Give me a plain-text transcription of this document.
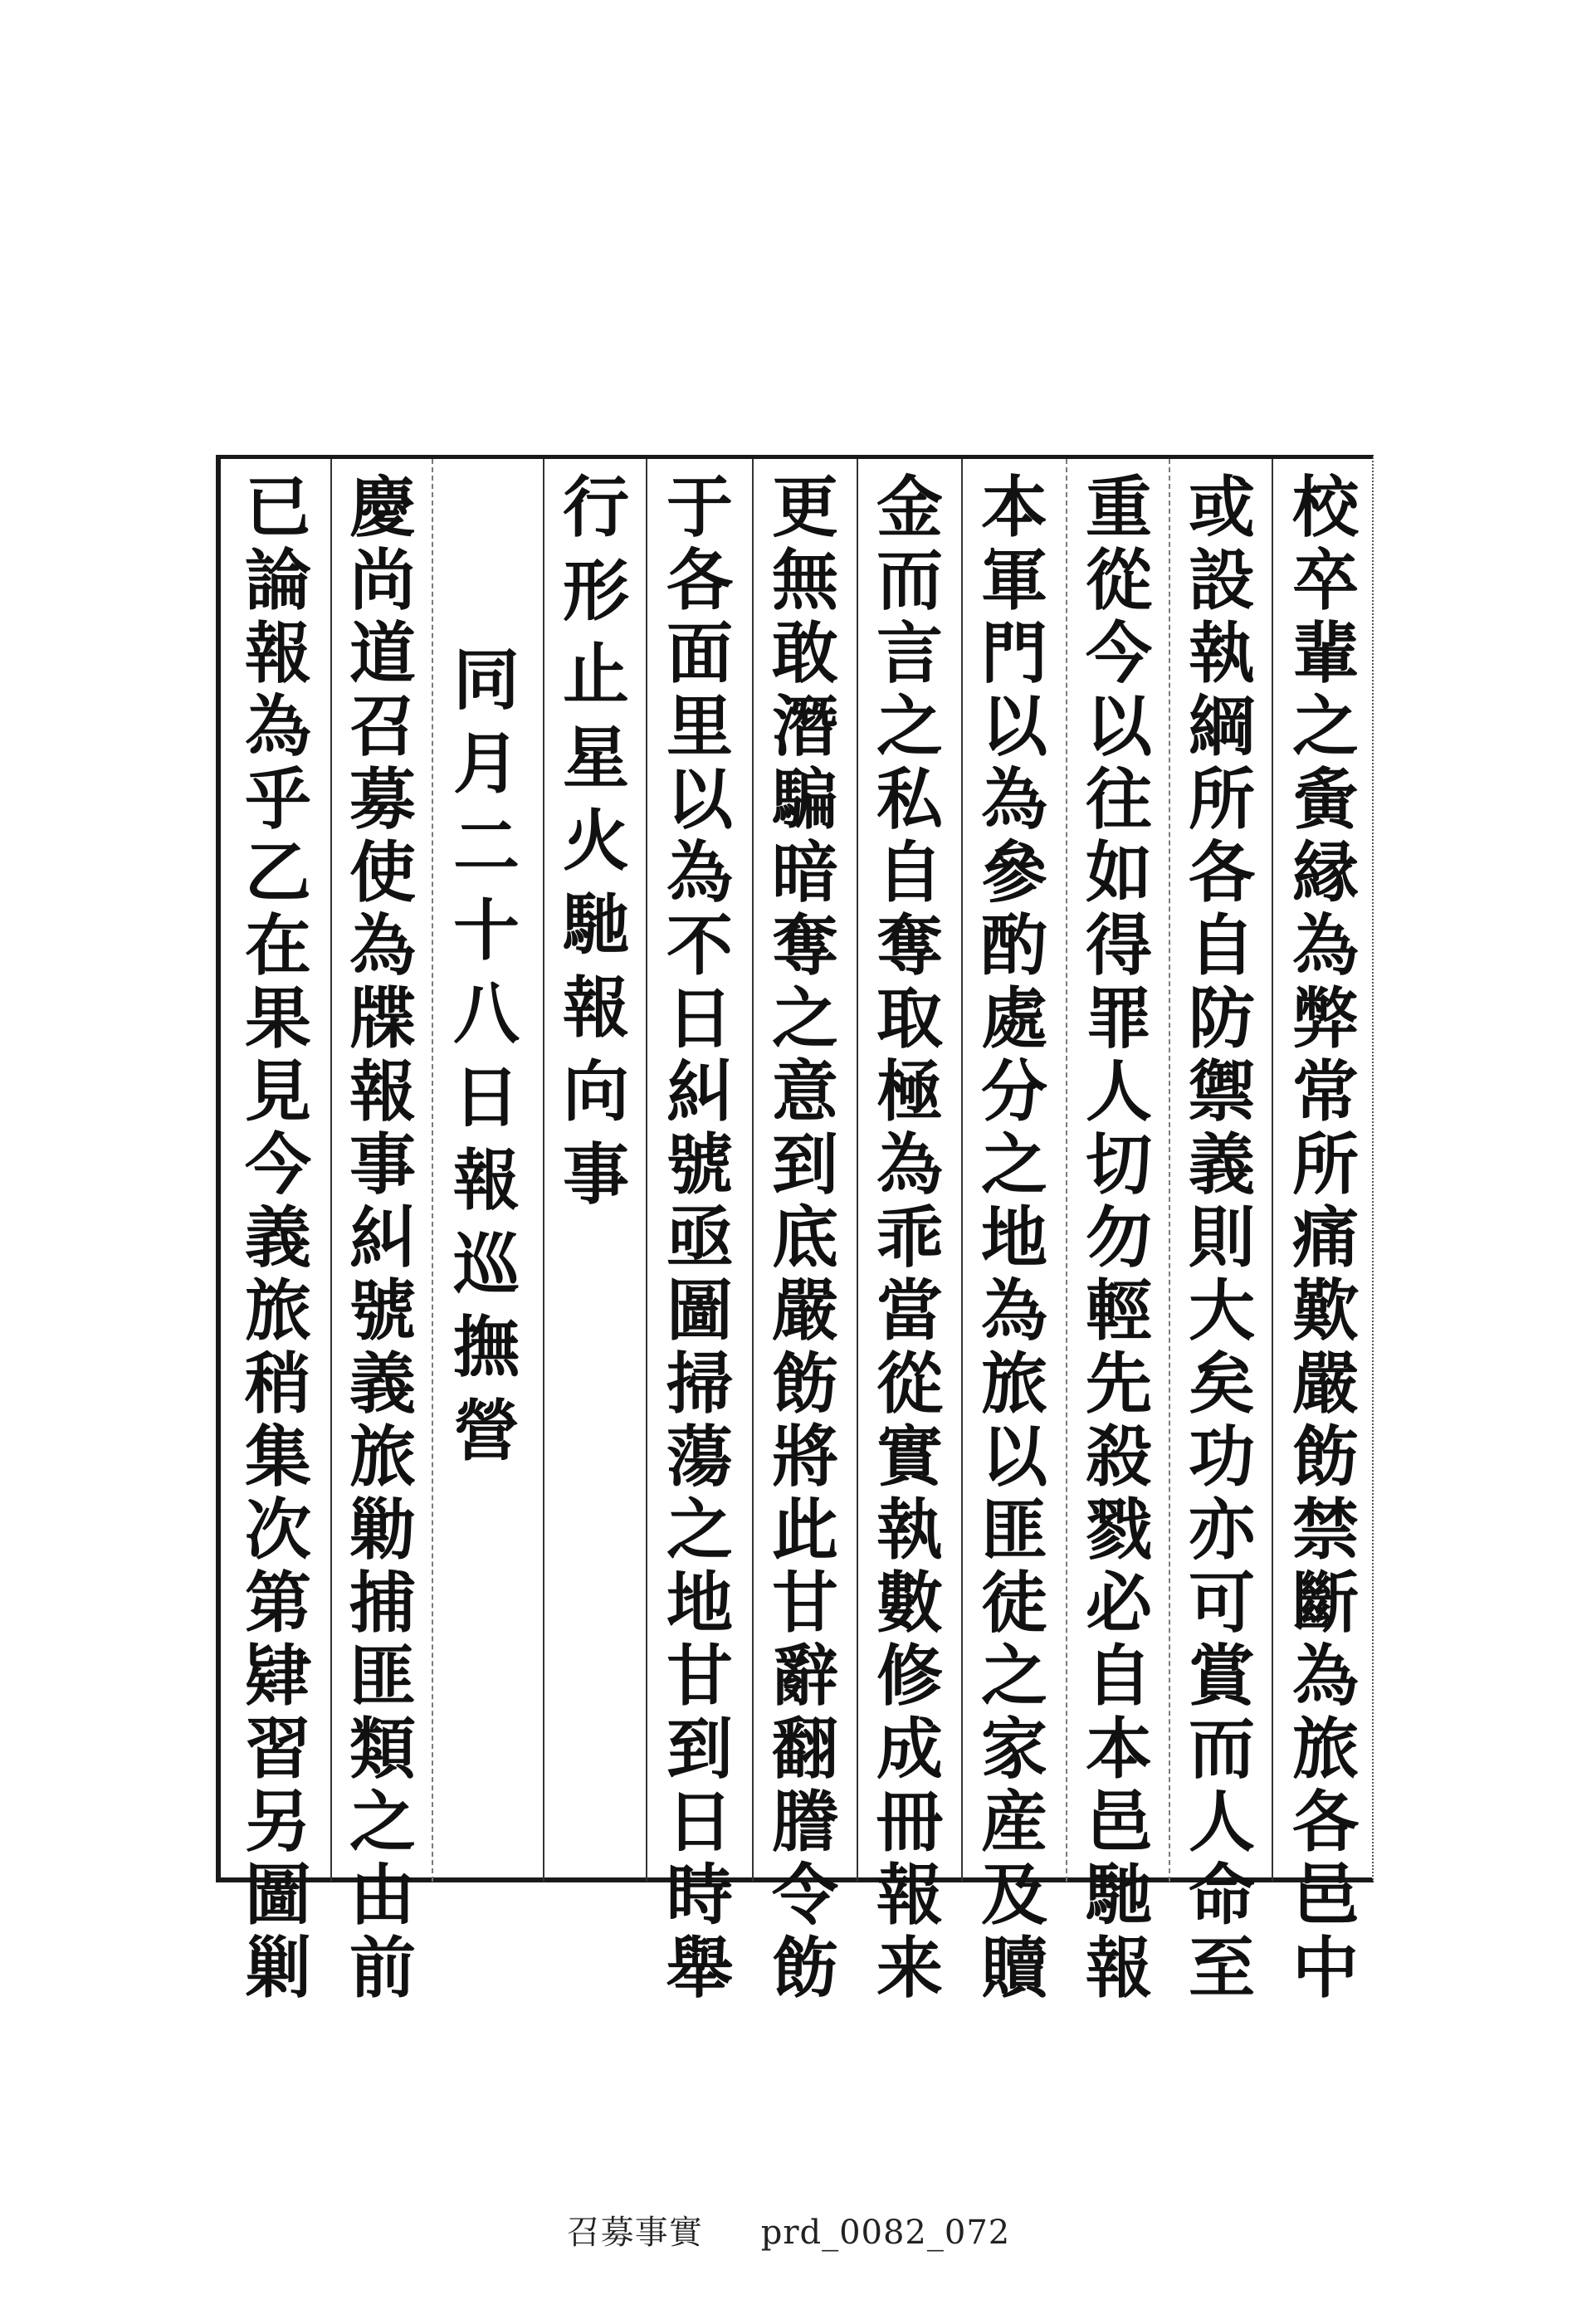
校
卒
輩
之
夤
縁
為
弊
常
所
痛
歎
嚴
飭
禁
斷
為
旅
各
邑
中
或
設
執
綱
所
各
自
防
禦
義
則
大
矣
功
亦
可
賞
而
人
命
至
重
從
今
以
往
如
得
罪
人
切
勿
輕
先
殺
戮
必
自
本
邑
馳
報
本
軍
門
以
為
參
酌
處
分
之
地
為
旅
以
匪
徒
之
家
産
及
贖
金
而
言
之
私
自
奪
取
極
為
乖
當
從
實
執
數
修
成
冊
報
来
更
無
敢
潛
騙
暗
奪
之
意
到
底
嚴
飭
將
此
甘
辭
翻
謄
令
飭
于
各
面
里
以
為
不
日
糾
號
亟
圖
掃
蕩
之
地
甘
到
日
時
舉
行
形
止
星
火
馳
報
向
事
同
月
二
十
八
日
報
巡
撫
營
慶
尚
道
召
募
使
為
牒
報
事
糾
號
義
旅
勦
捕
匪
類
之
由
前
已
論
報
為
乎
乙
在
果
見
今
義
旅
稍
集
次
第
肄
習
另
圖
剿
召募事實 prd_0082_072
